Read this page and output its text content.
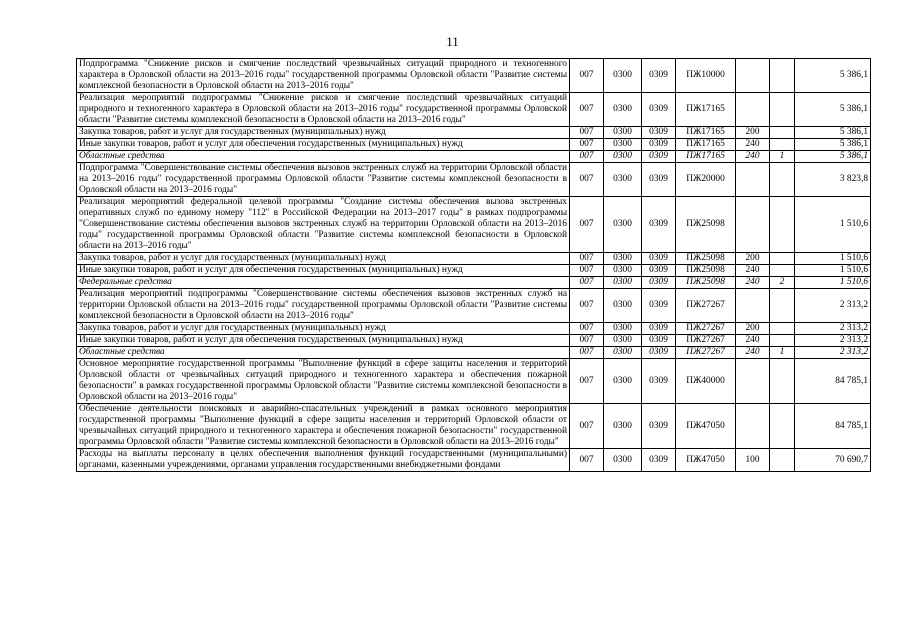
11
Подпрограмма "Снижение рисков и смягчение последствий чрезвычайных ситуаций природного и техногенного характера в Орловской области на 2013–2016 годы" государственной программы Орловской области "Развитие системы комплексной безопасности в Орловской области на 2013–2016 годы"	007	0300	0309	ПЖ10000			5 386,1
Реализация мероприятий подпрограммы "Снижение рисков и смягчение последствий чрезвычайных ситуаций природного и техногенного характера в Орловской области на 2013–2016 годы" государственной программы Орловской области "Развитие системы комплексной безопасности в Орловской области на 2013–2016 годы"	007	0300	0309	ПЖ17165			5 386,1
Закупка товаров, работ и услуг для государственных (муниципальных) нужд	007	0300	0309	ПЖ17165	200		5 386,1
Иные закупки товаров, работ и услуг для обеспечения государственных (муниципальных) нужд	007	0300	0309	ПЖ17165	240		5 386,1
Областные средства	007	0300	0309	ПЖ17165	240	1	5 386,1
Подпрограмма "Совершенствование системы обеспечения вызовов экстренных служб на территории Орловской области на 2013–2016 годы" государственной программы Орловской области "Развитие системы комплексной безопасности в Орловской области на 2013–2016 годы"	007	0300	0309	ПЖ20000			3 823,8
Реализация мероприятий федеральной целевой программы "Создание системы обеспечения вызова экстренных оперативных служб по единому номеру "112" в Российской Федерации на 2013–2017 годы" в рамках подпрограммы "Совершенствование системы обеспечения вызовов экстренных служб на территории Орловской области на 2013–2016 годы" государственной программы Орловской области "Развитие системы комплексной безопасности в Орловской области на 2013–2016 годы"	007	0300	0309	ПЖ25098			1 510,6
Закупка товаров, работ и услуг для государственных (муниципальных) нужд	007	0300	0309	ПЖ25098	200		1 510,6
Иные закупки товаров, работ и услуг для обеспечения государственных (муниципальных) нужд	007	0300	0309	ПЖ25098	240		1 510,6
Федеральные средства	007	0300	0309	ПЖ25098	240	2	1 510,6
Реализация мероприятий подпрограммы "Совершенствование системы обеспечения вызовов экстренных служб на территории Орловской области на 2013–2016 годы" государственной программы Орловской области "Развитие системы комплексной безопасности в Орловской области на 2013–2016 годы"	007	0300	0309	ПЖ27267			2 313,2
Закупка товаров, работ и услуг для государственных (муниципальных) нужд	007	0300	0309	ПЖ27267	200		2 313,2
Иные закупки товаров, работ и услуг для обеспечения государственных (муниципальных) нужд	007	0300	0309	ПЖ27267	240		2 313,2
Областные средства	007	0300	0309	ПЖ27267	240	1	2 313,2
Основное мероприятие государственной программы "Выполнение функций в сфере защиты населения и территорий Орловской области от чрезвычайных ситуаций природного и техногенного характера и обеспечения пожарной безопасности" в рамках государственной программы Орловской области "Развитие системы комплексной безопасности в Орловской области на 2013–2016 годы"	007	0300	0309	ПЖ40000			84 785,1
Обеспечение деятельности поисковых и аварийно-спасательных учреждений в рамках основного мероприятия государственной программы "Выполнение функций в сфере защиты населения и территорий Орловской области от чрезвычайных ситуаций природного и техногенного характера и обеспечения пожарной безопасности" государственной программы Орловской области "Развитие системы комплексной безопасности в Орловской области на 2013–2016 годы"	007	0300	0309	ПЖ47050			84 785,1
Расходы на выплаты персоналу в целях обеспечения выполнения функций государственными (муниципальными) органами, казенными учреждениями, органами управления государственными внебюджетными фондами	007	0300	0309	ПЖ47050	100		70 690,7
